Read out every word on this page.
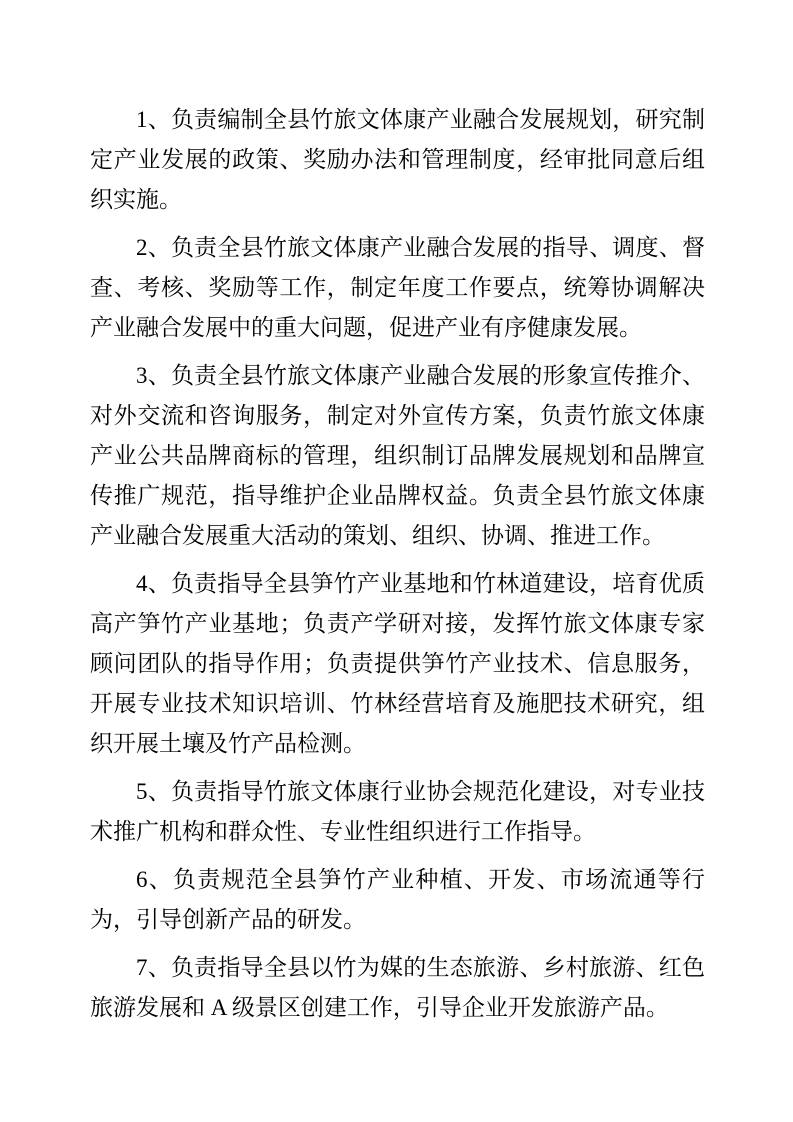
1、负责编制全县竹旅文体康产业融合发展规划，研究制定产业发展的政策、奖励办法和管理制度，经审批同意后组织实施。

2、负责全县竹旅文体康产业融合发展的指导、调度、督查、考核、奖励等工作，制定年度工作要点，统筹协调解决产业融合发展中的重大问题，促进产业有序健康发展。

3、负责全县竹旅文体康产业融合发展的形象宣传推介、对外交流和咨询服务，制定对外宣传方案，负责竹旅文体康产业公共品牌商标的管理，组织制订品牌发展规划和品牌宣传推广规范，指导维护企业品牌权益。负责全县竹旅文体康产业融合发展重大活动的策划、组织、协调、推进工作。

4、负责指导全县笋竹产业基地和竹林道建设，培育优质高产笋竹产业基地；负责产学研对接，发挥竹旅文体康专家顾问团队的指导作用；负责提供笋竹产业技术、信息服务，开展专业技术知识培训、竹林经营培育及施肥技术研究，组织开展土壤及竹产品检测。

5、负责指导竹旅文体康行业协会规范化建设，对专业技术推广机构和群众性、专业性组织进行工作指导。

6、负责规范全县笋竹产业种植、开发、市场流通等行为，引导创新产品的研发。

7、负责指导全县以竹为媒的生态旅游、乡村旅游、红色旅游发展和 A 级景区创建工作，引导企业开发旅游产品。
